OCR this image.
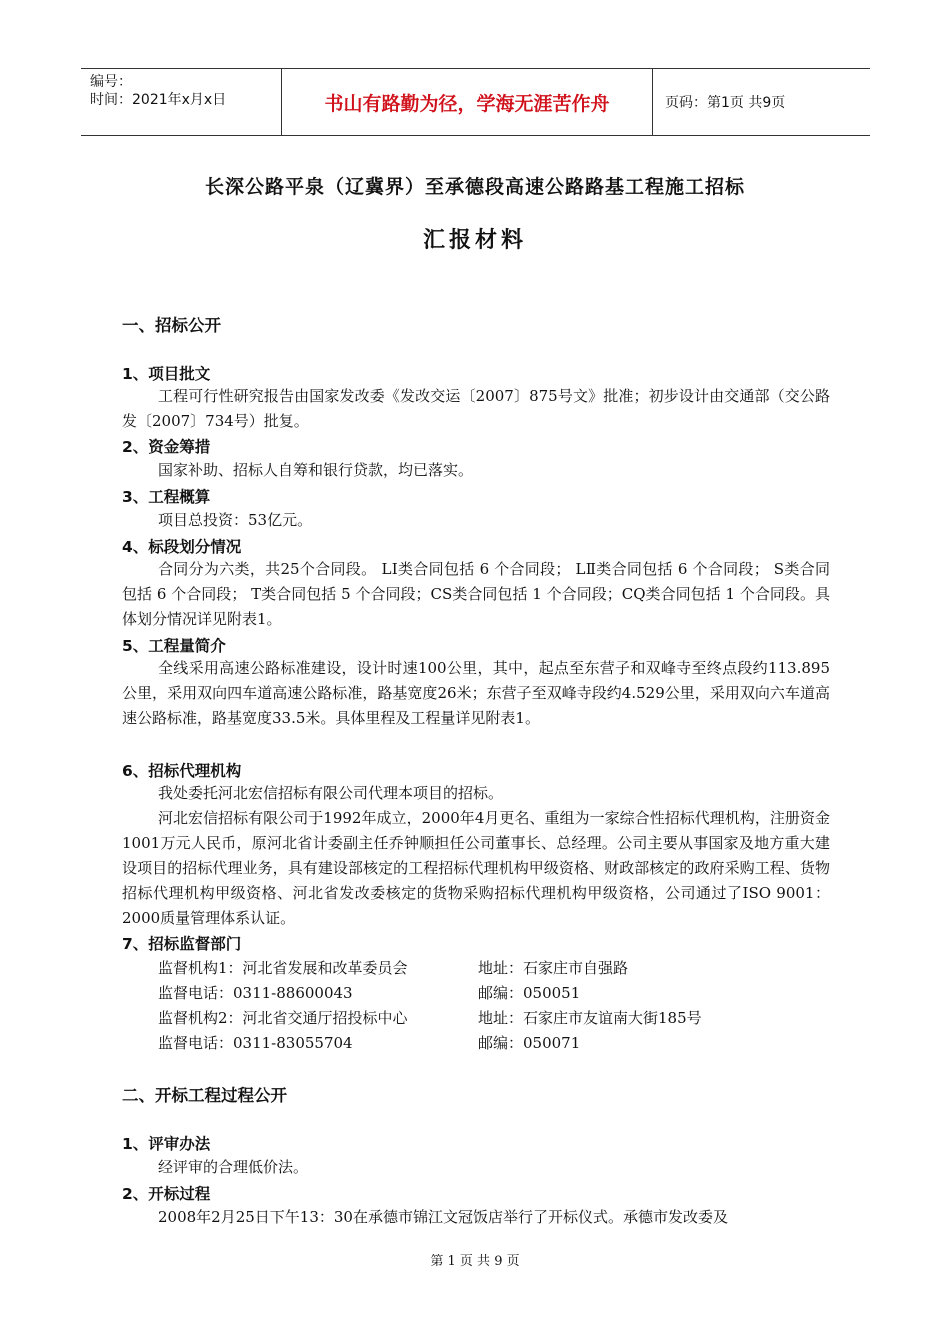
编号：
时间：2021年x月x日	书山有路勤为径，学海无涯苦作舟	页码：第1页 共9页
长深公路平泉（辽冀界）至承德段高速公路路基工程施工招标
汇报材料
一、招标公开
1、项目批文
工程可行性研究报告由国家发改委《发改交运〔2007〕875号文》批准；初步设计由交通部（交公路发〔2007〕734号）批复。
2、资金筹措
国家补助、招标人自筹和银行贷款，均已落实。
3、工程概算
项目总投资：53亿元。
4、标段划分情况
合同分为六类，共25个合同段。 LⅠ类合同包括 6 个合同段； LⅡ类合同包括 6 个合同段； S类合同包括 6 个合同段； T类合同包括 5 个合同段；CS类合同包括 1 个合同段；CQ类合同包括 1 个合同段。具体划分情况详见附表1。
5、工程量简介
全线采用高速公路标准建设，设计时速100公里，其中，起点至东营子和双峰寺至终点段约113.895公里，采用双向四车道高速公路标准，路基宽度26米；东营子至双峰寺段约4.529公里，采用双向六车道高速公路标准，路基宽度33.5米。具体里程及工程量详见附表1。
6、招标代理机构
我处委托河北宏信招标有限公司代理本项目的招标。
河北宏信招标有限公司于1992年成立，2000年4月更名、重组为一家综合性招标代理机构，注册资金1001万元人民币，原河北省计委副主任乔钟顺担任公司董事长、总经理。公司主要从事国家及地方重大建设项目的招标代理业务，具有建设部核定的工程招标代理机构甲级资格、财政部核定的政府采购工程、货物招标代理机构甲级资格、河北省发改委核定的货物采购招标代理机构甲级资格，公司通过了ISO 9001：2000质量管理体系认证。
7、招标监督部门
监督机构1：河北省发展和改革委员会	地址：石家庄市自强路
监督电话：0311-88600043	邮编：050051
监督机构2：河北省交通厅招投标中心	地址：石家庄市友谊南大街185号
监督电话：0311-83055704	邮编：050071
二、开标工程过程公开
1、评审办法
经评审的合理低价法。
2、开标过程
2008年2月25日下午13：30在承德市锦江文冠饭店举行了开标仪式。承德市发改委及
第 1 页 共 9 页
